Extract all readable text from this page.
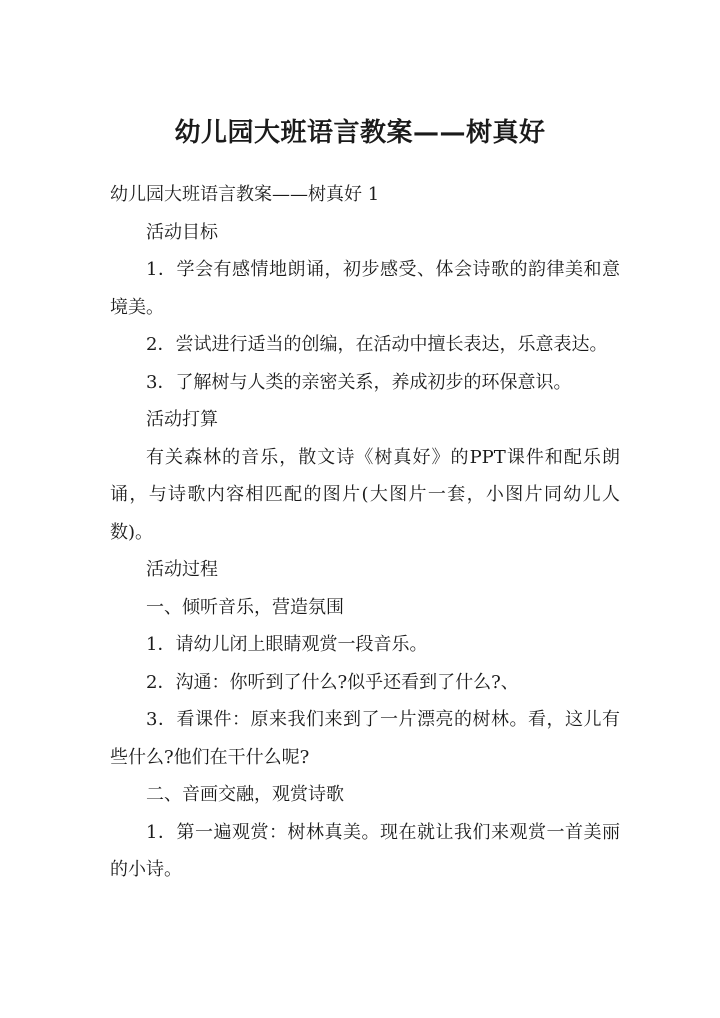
幼儿园大班语言教案——树真好

幼儿园大班语言教案——树真好 1

活动目标

1．学会有感情地朗诵，初步感受、体会诗歌的韵律美和意境美。

2．尝试进行适当的创编，在活动中擅长表达，乐意表达。

3．了解树与人类的亲密关系，养成初步的环保意识。

活动打算

有关森林的音乐，散文诗《树真好》的PPT课件和配乐朗诵，与诗歌内容相匹配的图片(大图片一套，小图片同幼儿人数)。

活动过程

一、倾听音乐，营造氛围

1．请幼儿闭上眼睛观赏一段音乐。

2．沟通：你听到了什么?似乎还看到了什么?、

3．看课件：原来我们来到了一片漂亮的树林。看，这儿有些什么?他们在干什么呢?

二、音画交融，观赏诗歌

1．第一遍观赏：树林真美。现在就让我们来观赏一首美丽的小诗。
